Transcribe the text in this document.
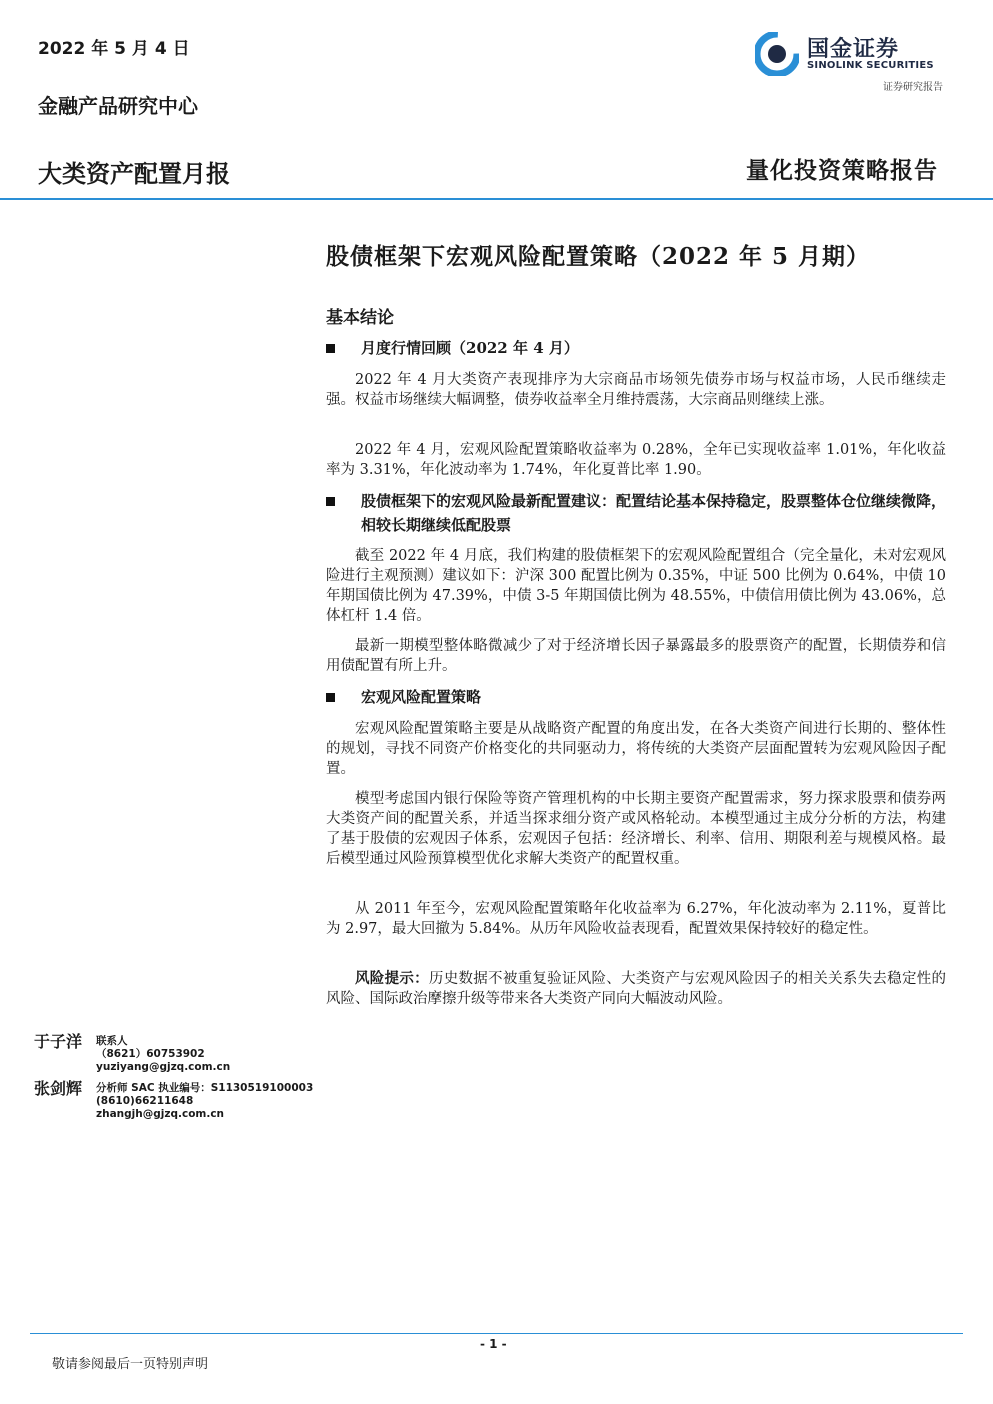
2022 年 5 月 4 日
金融产品研究中心
大类资产配置月报	量化投资策略报告
国金证券
SINOLINK SECURITIES
证券研究报告
股债框架下宏观风险配置策略（2022 年 5 月期）
基本结论
月度行情回顾（2022 年 4 月）
2022 年 4 月大类资产表现排序为大宗商品市场领先债券市场与权益市场，人民币继续走强。权益市场继续大幅调整，债券收益率全月维持震荡，大宗商品则继续上涨。
2022 年 4 月，宏观风险配置策略收益率为 0.28%，全年已实现收益率 1.01%，年化收益率为 3.31%，年化波动率为 1.74%，年化夏普比率 1.90。
股债框架下的宏观风险最新配置建议：配置结论基本保持稳定，股票整体仓位继续微降，相较长期继续低配股票
截至 2022 年 4 月底，我们构建的股债框架下的宏观风险配置组合（完全量化，未对宏观风险进行主观预测）建议如下：沪深 300 配置比例为 0.35%，中证 500 比例为 0.64%，中债 10 年期国债比例为 47.39%，中债 3-5 年期国债比例为 48.55%，中债信用债比例为 43.06%，总体杠杆 1.4 倍。
最新一期模型整体略微减少了对于经济增长因子暴露最多的股票资产的配置，长期债券和信用债配置有所上升。
宏观风险配置策略
宏观风险配置策略主要是从战略资产配置的角度出发，在各大类资产间进行长期的、整体性的规划，寻找不同资产价格变化的共同驱动力，将传统的大类资产层面配置转为宏观风险因子配置。
模型考虑国内银行保险等资产管理机构的中长期主要资产配置需求，努力探求股票和债券两大类资产间的配置关系，并适当探求细分资产或风格轮动。本模型通过主成分分析的方法，构建了基于股债的宏观因子体系，宏观因子包括：经济增长、利率、信用、期限利差与规模风格。最后模型通过风险预算模型优化求解大类资产的配置权重。
从 2011 年至今，宏观风险配置策略年化收益率为 6.27%，年化波动率为 2.11%，夏普比为 2.97，最大回撤为 5.84%。从历年风险收益表现看，配置效果保持较好的稳定性。
风险提示：历史数据不被重复验证风险、大类资产与宏观风险因子的相关关系失去稳定性的风险、国际政治摩擦升级等带来各大类资产同向大幅波动风险。
于子洋 联系人
（8621）60753902
yuziyang@gjzq.com.cn
张剑辉 分析师 SAC 执业编号：S1130519100003
(8610)66211648
zhangjh@gjzq.com.cn
- 1 -
敬请参阅最后一页特别声明
